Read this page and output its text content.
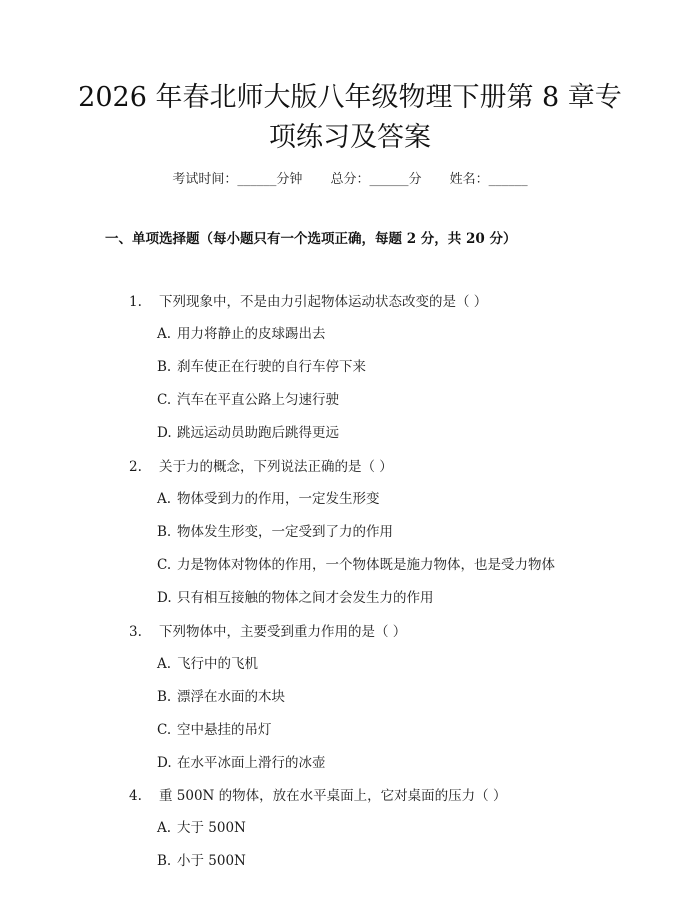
2026 年春北师大版八年级物理下册第 8 章专
项练习及答案
考试时间：______分钟 总分：______分 姓名：______
一、单项选择题（每小题只有一个选项正确，每题 2 分，共 20 分）
1. 下列现象中，不是由力引起物体运动状态改变的是（ ）
A. 用力将静止的皮球踢出去
B. 刹车使正在行驶的自行车停下来
C. 汽车在平直公路上匀速行驶
D. 跳远运动员助跑后跳得更远
2. 关于力的概念，下列说法正确的是（ ）
A. 物体受到力的作用，一定发生形变
B. 物体发生形变，一定受到了力的作用
C. 力是物体对物体的作用，一个物体既是施力物体，也是受力物体
D. 只有相互接触的物体之间才会发生力的作用
3. 下列物体中，主要受到重力作用的是（ ）
A. 飞行中的飞机
B. 漂浮在水面的木块
C. 空中悬挂的吊灯
D. 在水平冰面上滑行的冰壶
4. 重 500N 的物体，放在水平桌面上，它对桌面的压力（ ）
A. 大于 500N
B. 小于 500N
